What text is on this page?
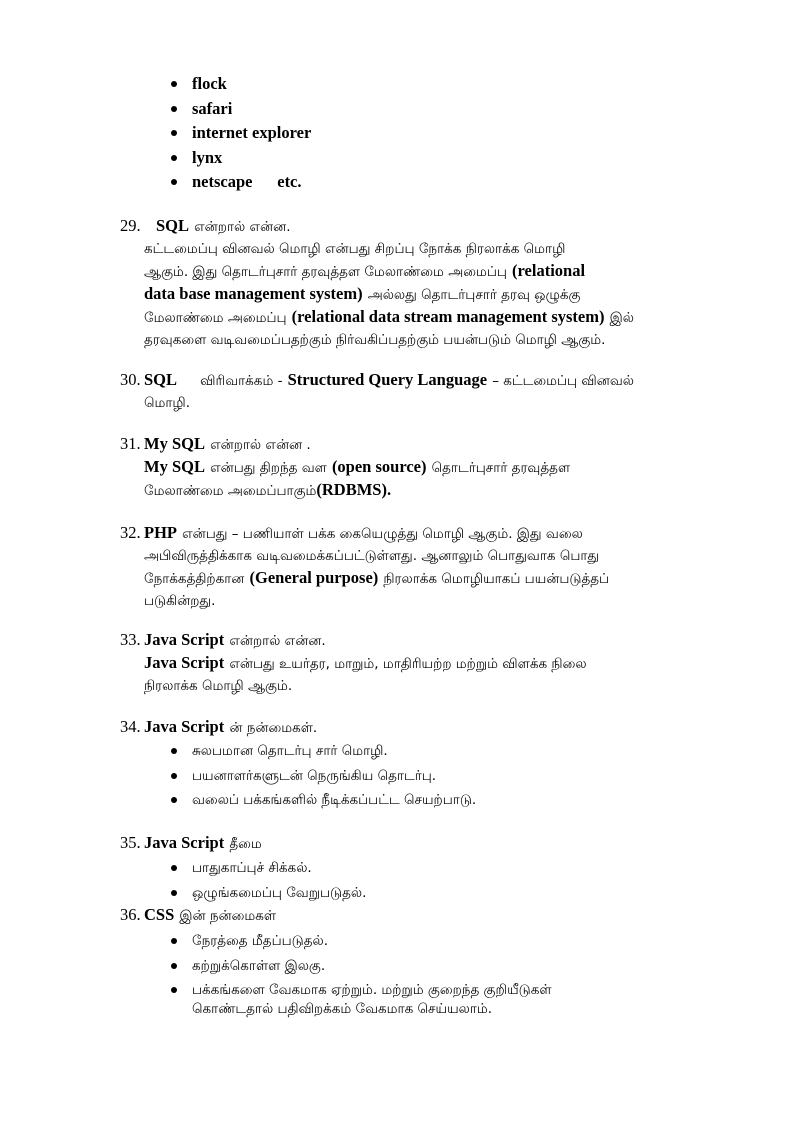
flock
safari
internet explorer
lynx
netscape      etc.
29. SQL என்றால் என்ன.
கட்டமைப்பு வினவல் மொழி என்பது சிறப்பு நோக்க நிரலாக்க மொழி
ஆகும். இது தொடர்புசார் தரவுத்தள மேலாண்மை அமைப்பு (relational
data base management system) அல்லது தொடர்புசார் தரவு ஒழுக்கு
மேலாண்மை அமைப்பு (relational data stream management system) இல்
தரவுகளை வடிவமைப்பதற்கும் நிர்வகிப்பதற்கும் பயன்படும் மொழி ஆகும்.
30. SQL விரிவாக்கம் - Structured Query Language – கட்டமைப்பு வினவல்
மொழி.
31. My SQL என்றால் என்ன .
My SQL என்பது திறந்த வள (open source) தொடர்புசார் தரவுத்தள
மேலாண்மை அமைப்பாகும்(RDBMS).
32. PHP என்பது – பணியாள் பக்க கையெழுத்து மொழி ஆகும். இது வலை
அபிவிருத்திக்காக வடிவமைக்கப்பட்டுள்ளது. ஆனாலும் பொதுவாக பொது
நோக்கத்திற்கான (General purpose) நிரலாக்க மொழியாகப் பயன்படுத்தப்
படுகின்றது.
33. Java Script என்றால் என்ன.
Java Script என்பது உயர்தர, மாறும், மாதிரியற்ற மற்றும் விளக்க நிலை
நிரலாக்க மொழி ஆகும்.
34. Java Script ன் நன்மைகள்.
சுலபமான தொடர்பு சார் மொழி.
பயனாளர்களுடன் நெருங்கிய தொடர்பு.
வலைப் பக்கங்களில் நீடிக்கப்பட்ட செயற்பாடு.
35. Java Script தீமை
பாதுகாப்புச் சிக்கல்.
ஒழுங்கமைப்பு வேறுபடுதல்.
36. CSS இன் நன்மைகள்
நேரத்தை மீதப்படுதல்.
கற்றுக்கொள்ள இலகு.
பக்கங்களை வேகமாக ஏற்றும். மற்றும் குறைந்த குறியீடுகள்
கொண்டதால் பதிவிறக்கம் வேகமாக செய்யலாம்.
